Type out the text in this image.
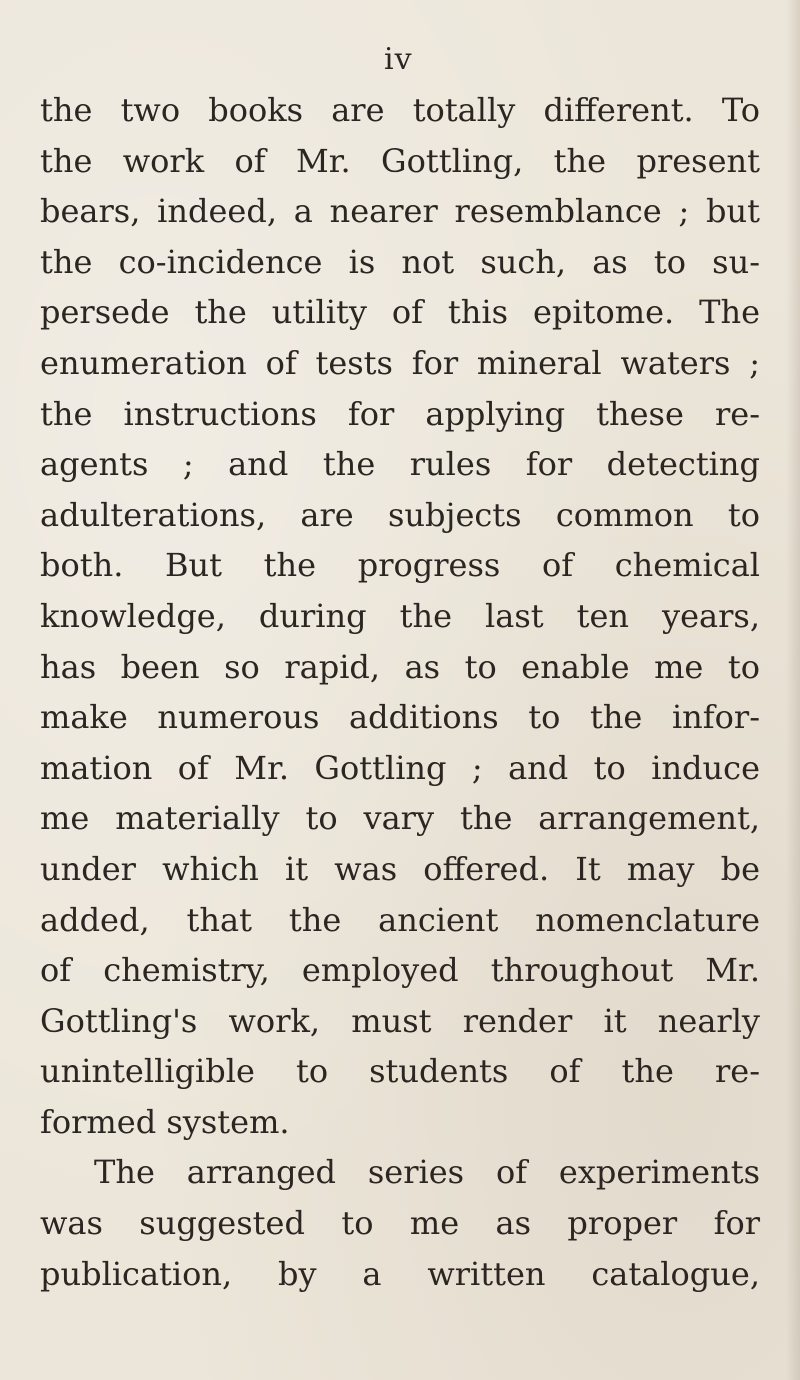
iv
the two books are totally different. To
the work of Mr. Gottling, the present
bears, indeed, a nearer resemblance ; but
the co-incidence is not such, as to su-
persede the utility of this epitome. The
enumeration of tests for mineral waters ;
the instructions for applying these re-
agents ; and the rules for detecting
adulterations, are subjects common to
both. But the progress of chemical
knowledge, during the last ten years,
has been so rapid, as to enable me to
make numerous additions to the infor-
mation of Mr. Gottling ; and to induce
me materially to vary the arrangement,
under which it was offered. It may be
added, that the ancient nomenclature
of chemistry, employed throughout Mr.
Gottling's work, must render it nearly
unintelligible to students of the re-
formed system.
The arranged series of experiments
was suggested to me as proper for
publication, by a written catalogue,
